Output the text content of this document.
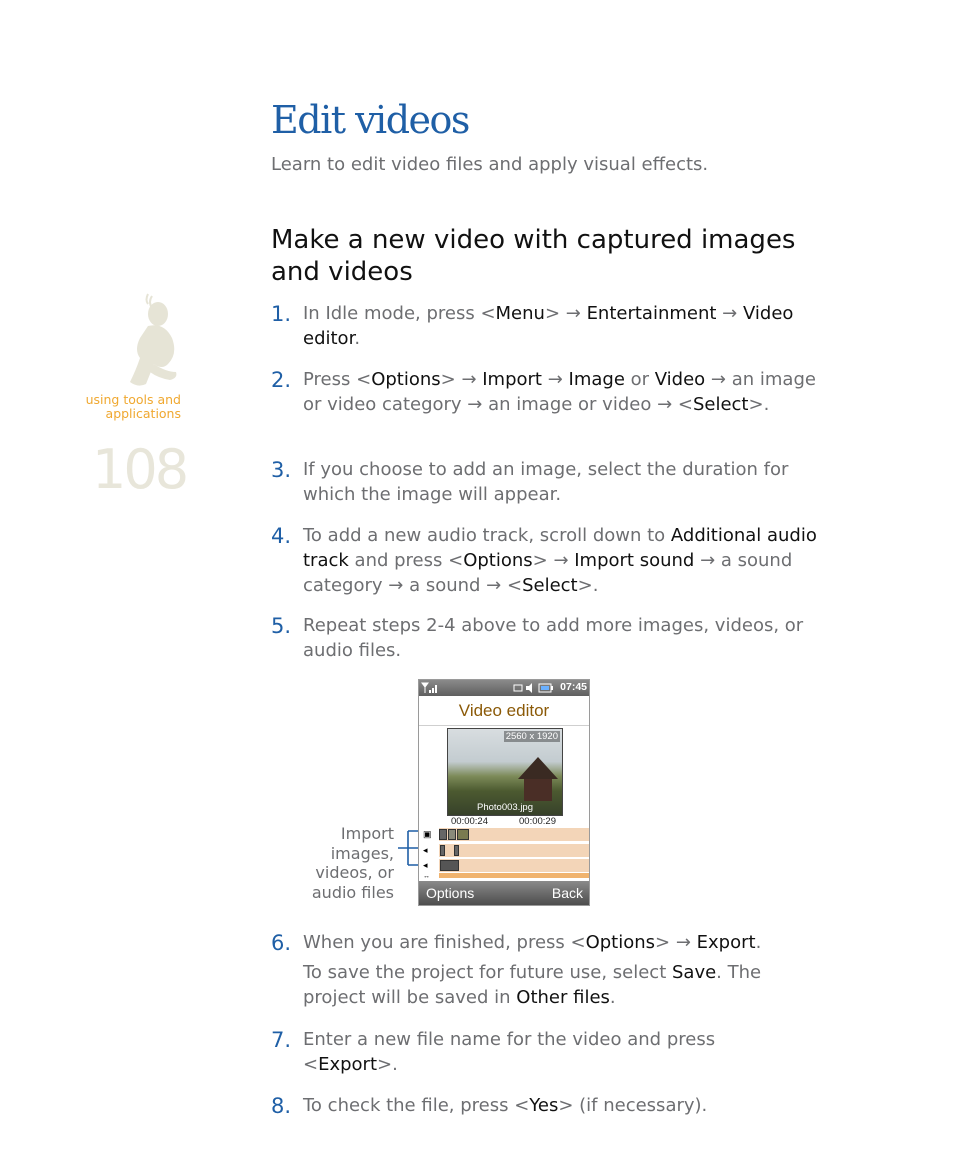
Edit videos

Learn to edit video files and apply visual effects.

using tools and
applications
108
Make a new video with captured images
and videos
1. In Idle mode, press <Menu> → Entertainment → Video editor.
2. Press <Options> → Import → Image or Video → an image or video category → an image or video → <Select>.
3. If you choose to add an image, select the duration for which the image will appear.
4. To add a new audio track, scroll down to Additional audio track and press <Options> → Import sound → a sound category → a sound → <Select>.
5. Repeat steps 2-4 above to add more images, videos, or audio files.
6. When you are finished, press <Options> → Export.
To save the project for future use, select Save. The project will be saved in Other files.
7. Enter a new file name for the video and press <Export>.
8. To check the file, press <Yes> (if necessary).
Import
images,
videos, or
audio files
07:45
Video editor
2560 x 1920
Photo003.jpg
00:00:24	00:00:29
▣
◂
◂
↔
Options	Back
